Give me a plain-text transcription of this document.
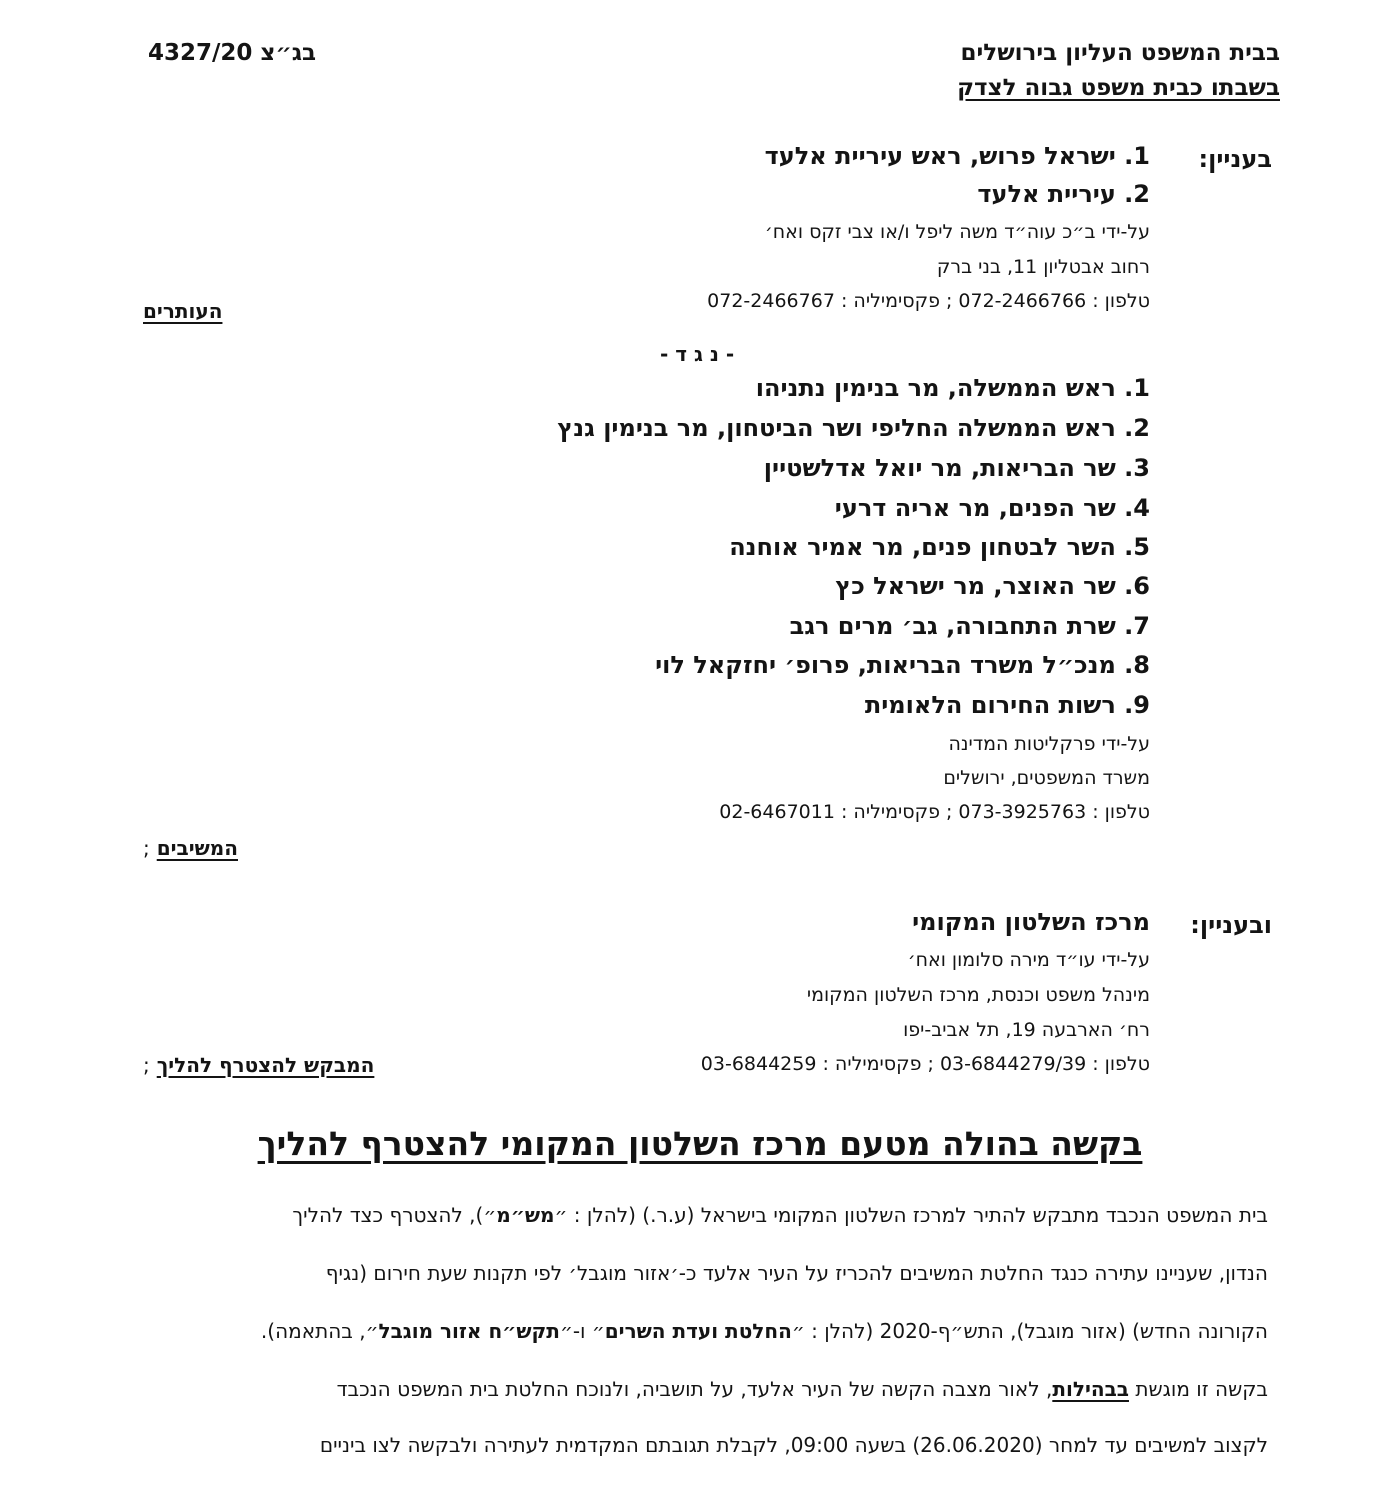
בבית המשפט העליון בירושלים
בשבתו כבית משפט גבוה לצדק
בג״צ 4327/20
בעניין:
1. ישראל פרוש, ראש עיריית אלעד
2. עיריית אלעד
על-ידי ב״כ עוה״ד משה ליפל ו/או צבי זקס ואח׳
רחוב אבטליון 11, בני ברק
טלפון : 072-2466766 ; פקסימיליה : 072-2466767
העותרים
- נ ג ד -
1. ראש הממשלה, מר בנימין נתניהו
2. ראש הממשלה החליפי ושר הביטחון, מר בנימין גנץ
3. שר הבריאות, מר יואל אדלשטיין
4. שר הפנים, מר אריה דרעי
5. השר לבטחון פנים, מר אמיר אוחנה
6. שר האוצר, מר ישראל כץ
7. שרת התחבורה, גב׳ מרים רגב
8. מנכ״ל משרד הבריאות, פרופ׳ יחזקאל לוי
9. רשות החירום הלאומית
על-ידי פרקליטות המדינה
משרד המשפטים, ירושלים
טלפון : 073-3925763 ; פקסימיליה : 02-6467011
המשיבים ;
ובעניין:
מרכז השלטון המקומי
על-ידי עו״ד מירה סלומון ואח׳
מינהל משפט וכנסת, מרכז השלטון המקומי
רח׳ הארבעה 19, תל אביב-יפו
טלפון : 03-6844279/39 ; פקסימיליה : 03-6844259
המבקש להצטרף להליך ;
בקשה בהולה מטעם מרכז השלטון המקומי להצטרף להליך
בית המשפט הנכבד מתבקש להתיר למרכז השלטון המקומי בישראל (ע.ר.) (להלן : ״מש״מ״), להצטרף כצד להליך
הנדון, שעניינו עתירה כנגד החלטת המשיבים להכריז על העיר אלעד כ-׳אזור מוגבל׳ לפי תקנות שעת חירום (נגיף
הקורונה החדש) (אזור מוגבל), התש״ף-2020 (להלן : ״החלטת ועדת השרים״ ו-״תקש״ח אזור מוגבל״, בהתאמה).
בקשה זו מוגשת בבהילות, לאור מצבה הקשה של העיר אלעד, על תושביה, ולנוכח החלטת בית המשפט הנכבד
לקצוב למשיבים עד למחר (26.06.2020) בשעה 09:00, לקבלת תגובתם המקדמית לעתירה ולבקשה לצו ביניים
